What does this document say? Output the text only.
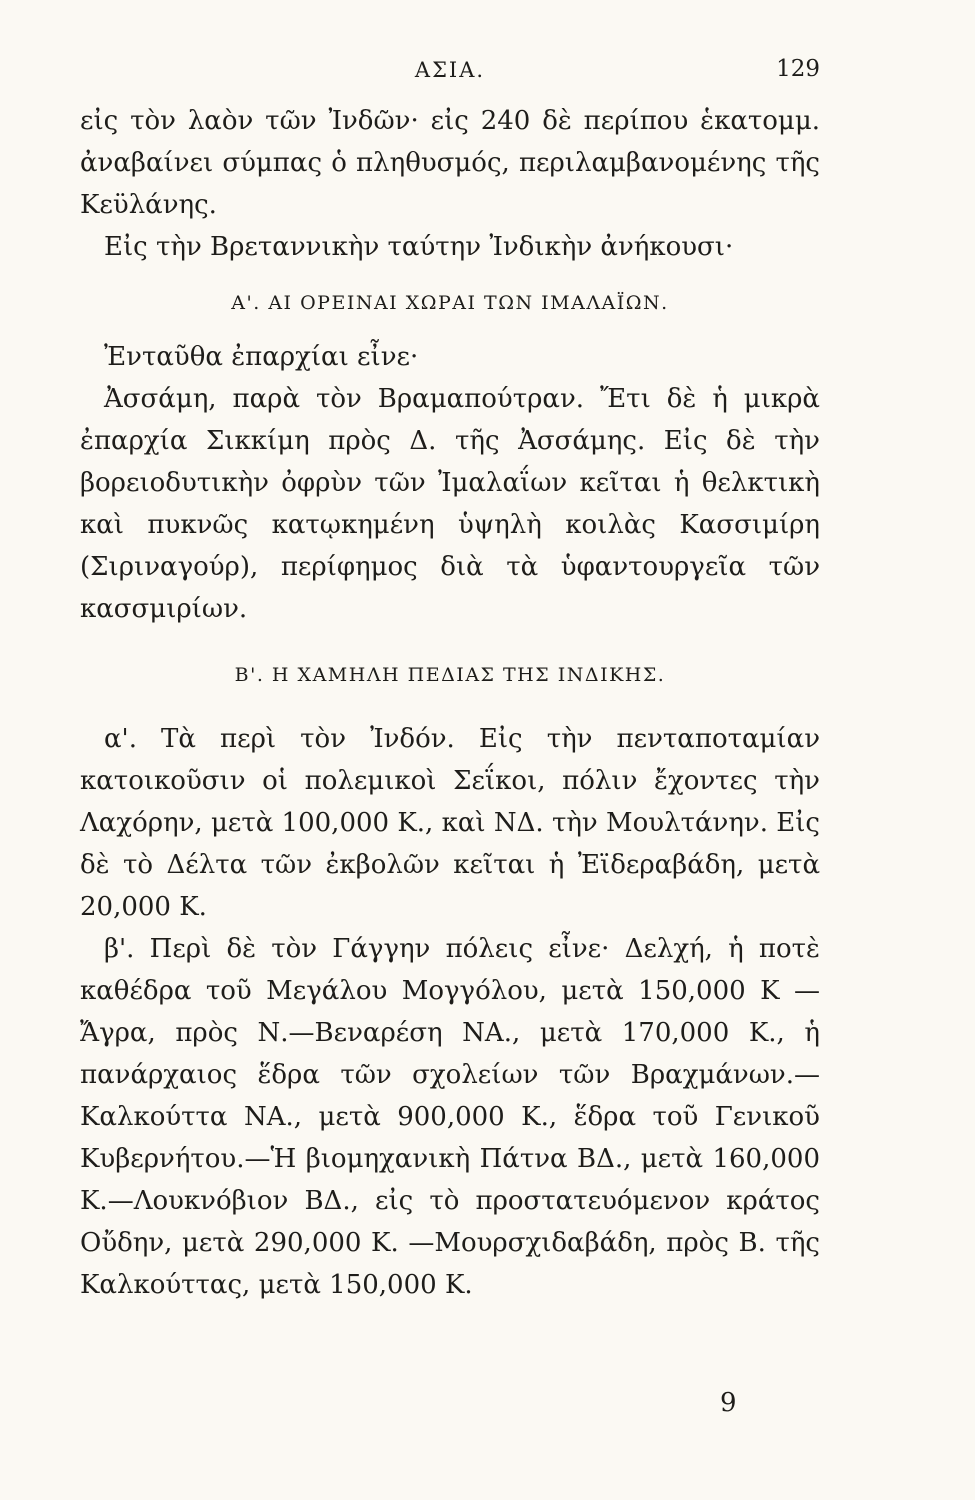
ΑΣΙΑ.	129

εἰς τὸν λαὸν τῶν Ἰνδῶν· εἰς 240 δὲ περίπου ἑκατομμ. ἀναβαίνει σύμπας ὁ πληθυσμός, περιλαμβανομένης τῆς Κεϋλάνης.

Εἰς τὴν Βρεταννικὴν ταύτην Ἰνδικὴν ἀνήκουσι·

Α'. ΑΙ ΟΡΕΙΝΑΙ ΧΩΡΑΙ ΤΩΝ ΙΜΑΛΑΪΩΝ.

Ἐνταῦθα ἐπαρχίαι εἶνε·

Ἀσσάμη, παρὰ τὸν Βραμαπούτραν. Ἔτι δὲ ἡ μικρὰ ἐπαρχία Σικκίμη πρὸς Δ. τῆς Ἀσσάμης. Εἰς δὲ τὴν βορειοδυτικὴν ὀφρὺν τῶν Ἰμαλαΐων κεῖται ἡ θελκτικὴ καὶ πυκνῶς κατῳκημένη ὑψηλὴ κοιλὰς Κασσιμίρη (Σιριναγούρ), περίφημος διὰ τὰ ὑφαντουργεῖα τῶν κασσμιρίων.

Β'. Η ΧΑΜΗΛΗ ΠΕΔΙΑΣ ΤΗΣ ΙΝΔΙΚΗΣ.

α'. Τὰ περὶ τὸν Ἰνδόν. Εἰς τὴν πενταποταμίαν κατοικοῦσιν οἱ πολεμικοὶ Σεΐκοι, πόλιν ἔχοντες τὴν Λαχόρην, μετὰ 100,000 Κ., καὶ ΝΔ. τὴν Μουλτάνην. Εἰς δὲ τὸ Δέλτα τῶν ἐκβολῶν κεῖται ἡ Ἐϊδεραβάδη, μετὰ 20,000 Κ.

β'. Περὶ δὲ τὸν Γάγγην πόλεις εἶνε· Δελχή, ἡ ποτὲ καθέδρα τοῦ Μεγάλου Μογγόλου, μετὰ 150,000 Κ — Ἄγρα, πρὸς Ν.—Βεναρέση ΝΑ., μετὰ 170,000 Κ., ἡ πανάρχαιος ἕδρα τῶν σχολείων τῶν Βραχμάνων.—Καλκούττα ΝΑ., μετὰ 900,000 Κ., ἕδρα τοῦ Γενικοῦ Κυβερνήτου.—Ἡ βιομηχανικὴ Πάτνα ΒΔ., μετὰ 160,000 Κ.—Λουκνόβιον ΒΔ., εἰς τὸ προστατευόμενον κράτος Οὔδην, μετὰ 290,000 Κ. —Μουρσχιδαβάδη, πρὸς Β. τῆς Καλκούττας, μετὰ 150,000 Κ.

9
